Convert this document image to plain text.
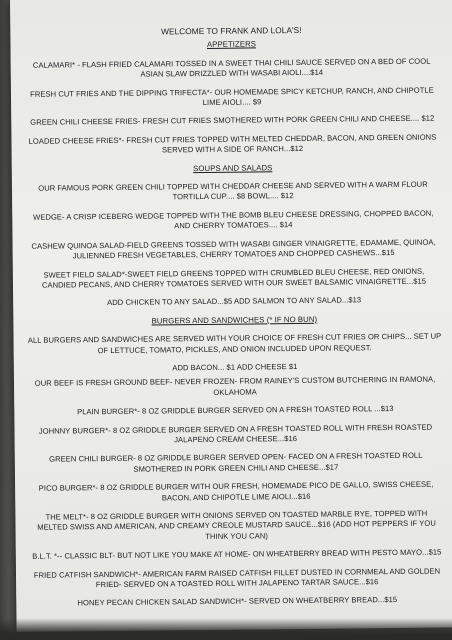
WELCOME TO FRANK AND LOLA'S!

APPETIZERS

CALAMARI* - FLASH FRIED CALAMARI TOSSED IN A SWEET THAI CHILI SAUCE SERVED ON A BED OF COOL ASIAN SLAW DRIZZLED WITH WASABI AIOLI....$14

FRESH CUT FRIES AND THE DIPPING TRIFECTA*- OUR HOMEMADE SPICY KETCHUP, RANCH, AND CHIPOTLE LIME AIOLI.... $9

GREEN CHILI CHEESE FRIES- FRESH CUT FRIES SMOTHERED WITH PORK GREEN CHILI AND CHEESE.... $12

LOADED CHEESE FRIES*- FRESH CUT FRIES TOPPED WITH MELTED CHEDDAR, BACON, AND GREEN ONIONS SERVED WITH A SIDE OF RANCH...$12

SOUPS AND SALADS

OUR FAMOUS PORK GREEN CHILI TOPPED WITH CHEDDAR CHEESE AND SERVED WITH A WARM FLOUR TORTILLA CUP.... $8 BOWL.... $12

WEDGE- A CRISP ICEBERG WEDGE TOPPED WITH THE BOMB BLEU CHEESE DRESSING, CHOPPED BACON, AND CHERRY TOMATOES.... $14

CASHEW QUINOA SALAD-FIELD GREENS TOSSED WITH WASABI GINGER VINAIGRETTE, EDAMAME, QUINOA, JULIENNED FRESH VEGETABLES, CHERRY TOMATOES AND CHOPPED CASHEWS...$15

SWEET FIELD SALAD*-SWEET FIELD GREENS TOPPED WITH CRUMBLED BLEU CHEESE, RED ONIONS, CANDIED PECANS, AND CHERRY TOMATOES SERVED WITH OUR SWEET BALSAMIC VINAIGRETTE...$15

ADD CHICKEN TO ANY SALAD...$5 ADD SALMON TO ANY SALAD...$13

BURGERS AND SANDWICHES (* IF NO BUN)

ALL BURGERS AND SANDWICHES ARE SERVED WITH YOUR CHOICE OF FRESH CUT FRIES OR CHIPS... SET UP OF LETTUCE, TOMATO, PICKLES, AND ONION INCLUDED UPON REQUEST.

ADD BACON... $1 ADD CHEESE $1

OUR BEEF IS FRESH GROUND BEEF- NEVER FROZEN- FROM RAINEY'S CUSTOM BUTCHERING IN RAMONA, OKLAHOMA

PLAIN BURGER*- 8 OZ GRIDDLE BURGER SERVED ON A FRESH TOASTED ROLL ...$13

JOHNNY BURGER*- 8 OZ GRIDDLE BURGER SERVED ON A FRESH TOASTED ROLL WITH FRESH ROASTED JALAPENO CREAM CHEESE...$16

GREEN CHILI BURGER- 8 OZ GRIDDLE BURGER SERVED OPEN- FACED ON A FRESH TOASTED ROLL SMOTHERED IN PORK GREEN CHILI AND CHEESE...$17

PICO BURGER*- 8 OZ GRIDDLE BURGER WITH OUR FRESH, HOMEMADE PICO DE GALLO, SWISS CHEESE, BACON, AND CHIPOTLE LIME AIOLI...$16

THE MELT*- 8 OZ GRIDDLE BURGER WITH ONIONS SERVED ON TOASTED MARBLE RYE, TOPPED WITH MELTED SWISS AND AMERICAN, AND CREAMY CREOLE MUSTARD SAUCE...$16 (ADD HOT PEPPERS IF YOU THINK YOU CAN)

B.L.T. *-- CLASSIC BLT- BUT NOT LIKE YOU MAKE AT HOME- ON WHEATBERRY BREAD WITH PESTO MAYO...$15

FRIED CATFISH SANDWICH*- AMERICAN FARM RAISED CATFISH FILLET DUSTED IN CORNMEAL AND GOLDEN FRIED- SERVED ON A TOASTED ROLL WITH JALAPENO TARTAR SAUCE...$16

HONEY PECAN CHICKEN SALAD SANDWICH*- SERVED ON WHEATBERRY BREAD...$15
